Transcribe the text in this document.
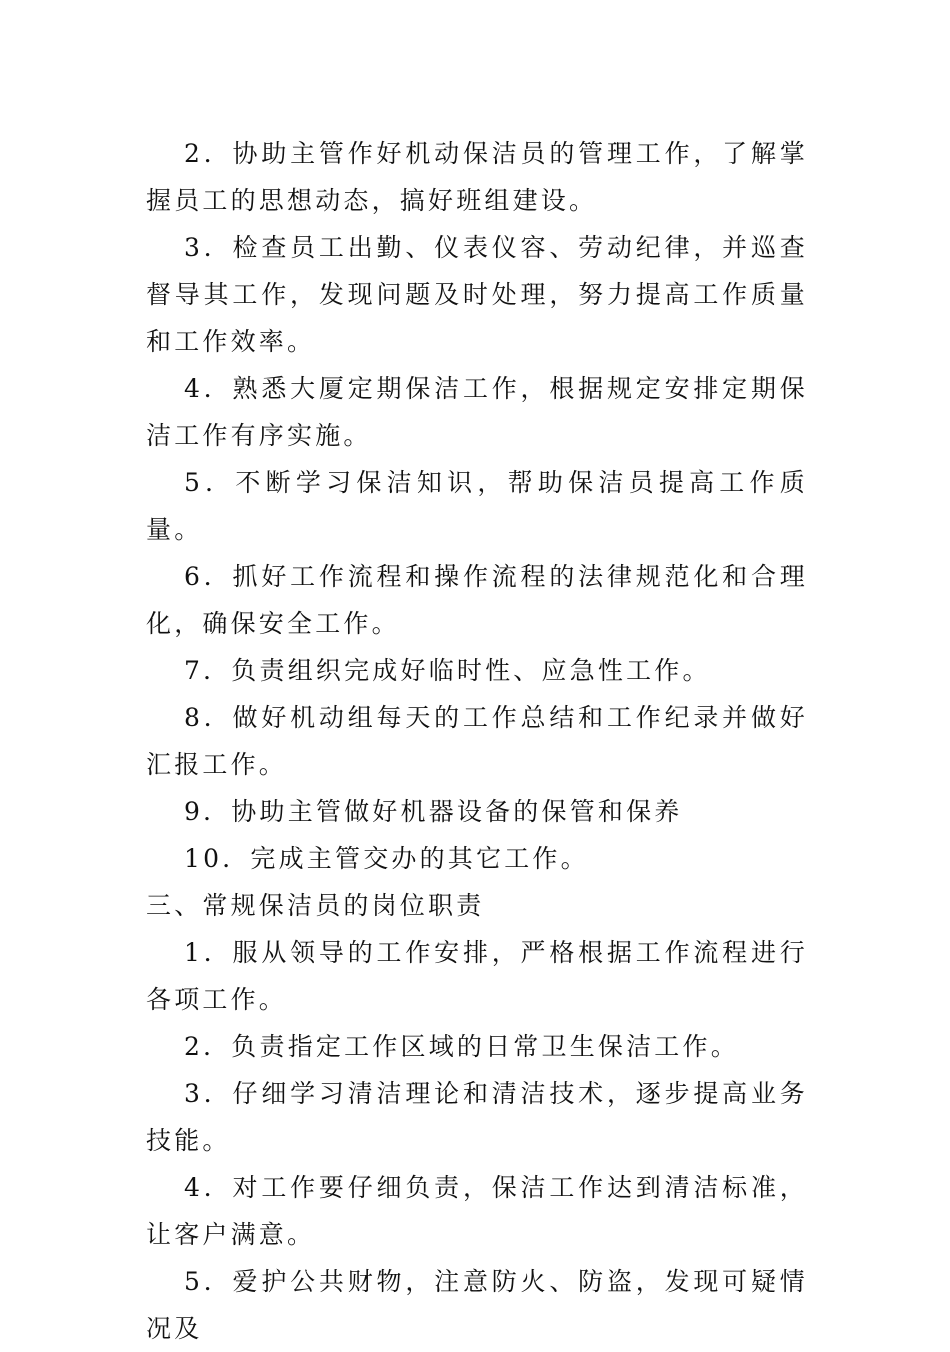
2．协助主管作好机动保洁员的管理工作，了解掌握员工的思想动态，搞好班组建设。

3．检查员工出勤、仪表仪容、劳动纪律，并巡查督导其工作，发现问题及时处理，努力提高工作质量和工作效率。

4．熟悉大厦定期保洁工作，根据规定安排定期保洁工作有序实施。

5．不断学习保洁知识，帮助保洁员提高工作质量。

6．抓好工作流程和操作流程的法律规范化和合理化，确保安全工作。

7．负责组织完成好临时性、应急性工作。

8．做好机动组每天的工作总结和工作纪录并做好汇报工作。

9．协助主管做好机器设备的保管和保养

10．完成主管交办的其它工作。

三、常规保洁员的岗位职责

1．服从领导的工作安排，严格根据工作流程进行各项工作。

2．负责指定工作区域的日常卫生保洁工作。

3．仔细学习清洁理论和清洁技术，逐步提高业务技能。

4．对工作要仔细负责，保洁工作达到清洁标准，让客户满意。

5．爱护公共财物，注意防火、防盗，发现可疑情况及
